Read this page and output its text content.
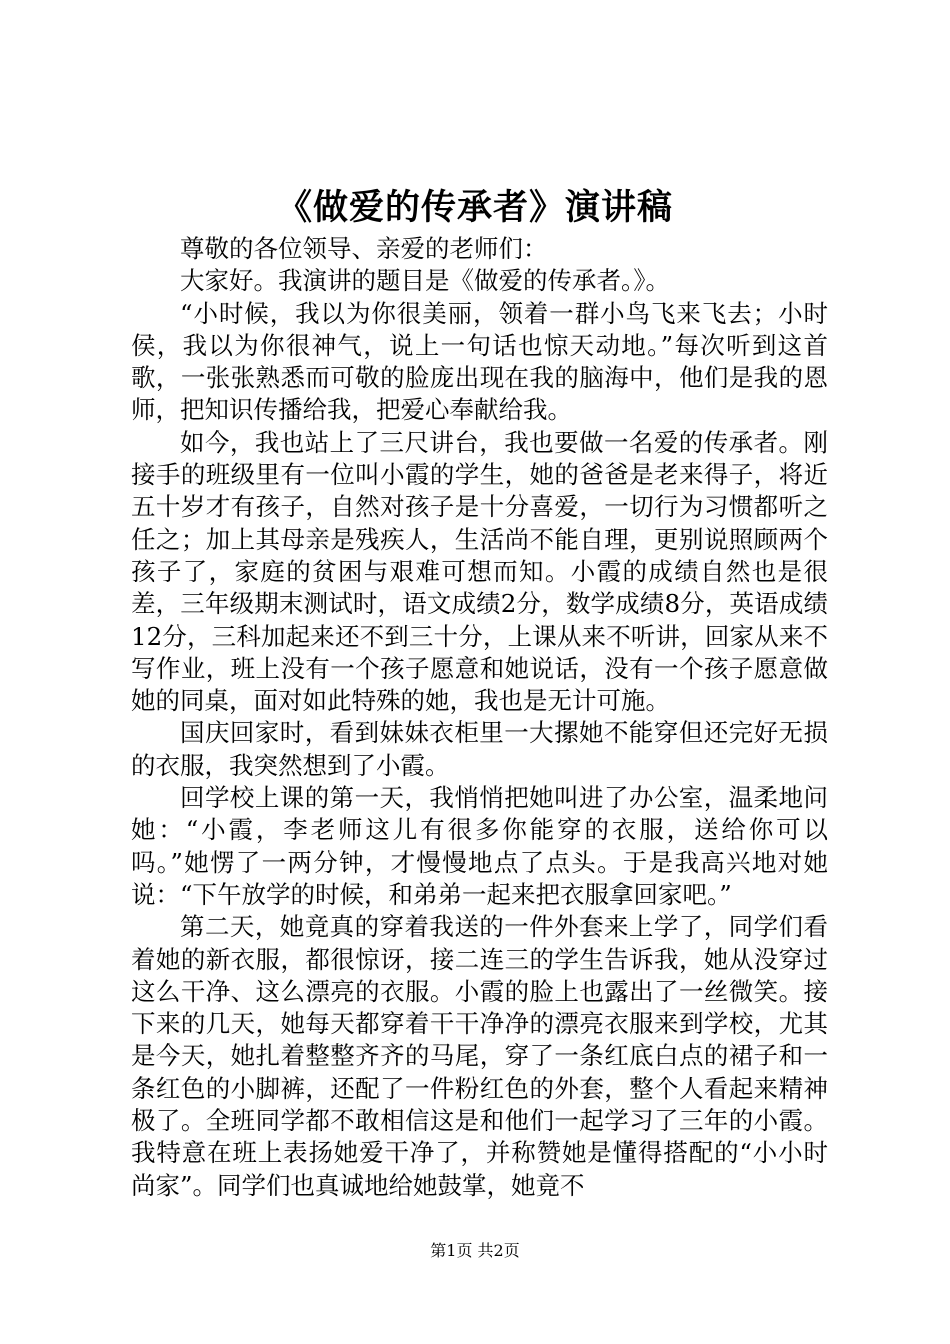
《做爱的传承者》演讲稿

尊敬的各位领导、亲爱的老师们：

大家好。我演讲的题目是《做爱的传承者。》。

“小时候，我以为你很美丽，领着一群小鸟飞来飞去；小时侯，我以为你很神气，说上一句话也惊天动地。”每次听到这首歌，一张张熟悉而可敬的脸庞出现在我的脑海中，他们是我的恩师，把知识传播给我，把爱心奉献给我。

如今，我也站上了三尺讲台，我也要做一名爱的传承者。刚接手的班级里有一位叫小霞的学生，她的爸爸是老来得子，将近五十岁才有孩子，自然对孩子是十分喜爱，一切行为习惯都听之任之；加上其母亲是残疾人，生活尚不能自理，更别说照顾两个孩子了，家庭的贫困与艰难可想而知。小霞的成绩自然也是很差，三年级期末测试时，语文成绩2分，数学成绩8分，英语成绩12分，三科加起来还不到三十分，上课从来不听讲，回家从来不写作业，班上没有一个孩子愿意和她说话，没有一个孩子愿意做她的同桌，面对如此特殊的她，我也是无计可施。

国庆回家时，看到妹妹衣柜里一大摞她不能穿但还完好无损的衣服，我突然想到了小霞。

回学校上课的第一天，我悄悄把她叫进了办公室，温柔地问她：“小霞，李老师这儿有很多你能穿的衣服，送给你可以吗。”她愣了一两分钟，才慢慢地点了点头。于是我高兴地对她说：“下午放学的时候，和弟弟一起来把衣服拿回家吧。”

第二天，她竟真的穿着我送的一件外套来上学了，同学们看着她的新衣服，都很惊讶，接二连三的学生告诉我，她从没穿过这么干净、这么漂亮的衣服。小霞的脸上也露出了一丝微笑。接下来的几天，她每天都穿着干干净净的漂亮衣服来到学校，尤其是今天，她扎着整整齐齐的马尾，穿了一条红底白点的裙子和一条红色的小脚裤，还配了一件粉红色的外套，整个人看起来精神极了。全班同学都不敢相信这是和他们一起学习了三年的小霞。我特意在班上表扬她爱干净了，并称赞她是懂得搭配的“小小时尚家”。同学们也真诚地给她鼓掌，她竟不

第1页 共2页
